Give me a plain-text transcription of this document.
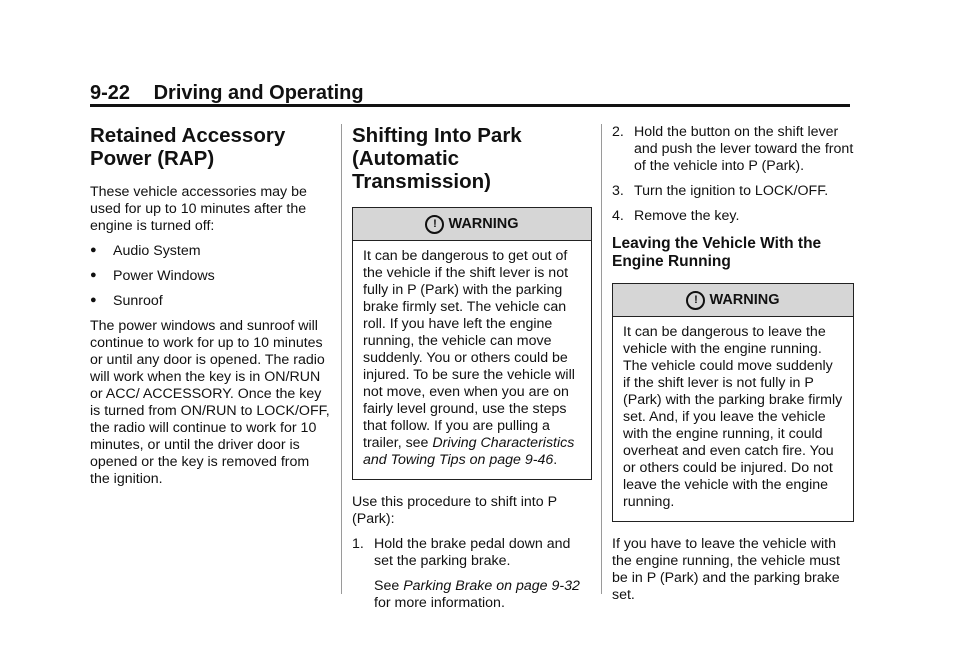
9-22 Driving and Operating
Retained Accessory Power (RAP)

These vehicle accessories may be used for up to 10 minutes after the engine is turned off:

●	Audio System
●	Power Windows
●	Sunroof

The power windows and sunroof will continue to work for up to 10 minutes or until any door is opened. The radio will work when the key is in ON/RUN or ACC/ ACCESSORY. Once the key is turned from ON/RUN to LOCK/OFF, the radio will continue to work for 10 minutes, or until the driver door is opened or the key is removed from the ignition.

Shifting Into Park (Automatic Transmission)
! WARNING
It can be dangerous to get out of the vehicle if the shift lever is not fully in P (Park) with the parking brake firmly set. The vehicle can roll. If you have left the engine running, the vehicle can move suddenly. You or others could be injured. To be sure the vehicle will not move, even when you are on fairly level ground, use the steps that follow. If you are pulling a trailer, see Driving Characteristics and Towing Tips on page 9-46.

Use this procedure to shift into P (Park):

1. Hold the brake pedal down and set the parking brake.
See Parking Brake on page 9-32 for more information.
2. Hold the button on the shift lever and push the lever toward the front of the vehicle into P (Park).
3. Turn the ignition to LOCK/OFF.
4. Remove the key.
Leaving the Vehicle With the Engine Running
! WARNING
It can be dangerous to leave the vehicle with the engine running. The vehicle could move suddenly if the shift lever is not fully in P (Park) with the parking brake firmly set. And, if you leave the vehicle with the engine running, it could overheat and even catch fire. You or others could be injured. Do not leave the vehicle with the engine running.

If you have to leave the vehicle with the engine running, the vehicle must be in P (Park) and the parking brake set.
